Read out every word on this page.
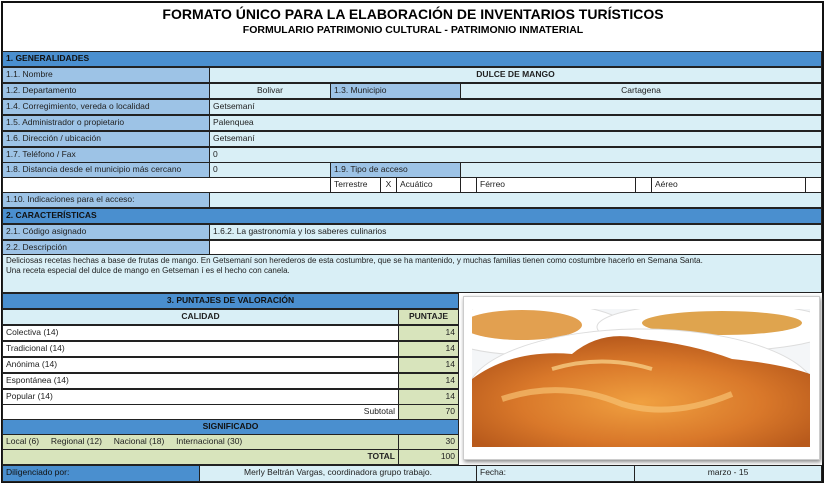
FORMATO ÚNICO PARA LA ELABORACIÓN DE INVENTARIOS TURÍSTICOS
FORMULARIO PATRIMONIO CULTURAL - PATRIMONIO INMATERIAL
1. GENERALIDADES
1.1. Nombre	DULCE DE MANGO
1.2. Departamento	Bolivar	1.3. Municipio	Cartagena
1.4. Corregimiento, vereda o localidad	Getsemaní
1.5. Administrador o propietario	Palenquea
1.6. Dirección / ubicación	Getsemaní
1.7. Teléfono / Fax	0
1.8. Distancia desde el municipio más cercano	0	1.9. Tipo de acceso
Terrestre	X	Acuático	Férreo	Aéreo
1.10. Indicaciones para el acceso:
2. CARACTERÍSTICAS
2.1. Código asignado	1.6.2. La gastronomía y los saberes culinarios
2.2. Descripción
Deliciosas recetas hechas a base de frutas de mango. En Getsemaní son herederos de esta costumbre, que se ha mantenido, y muchas familias tienen como costumbre hacerlo en Semana Santa.
Una receta especial del dulce de mango en Getseman í es el hecho con canela.
3. PUNTAJES DE VALORACIÓN
CALIDAD	PUNTAJE
Colectiva (14)	14
Tradicional (14)	14
Anónima (14)	14
Espontánea (14)	14
Popular (14)	14
Subtotal	70
SIGNIFICADO
Local (6) Regional (12) Nacional (18) Internacional (30)	30
TOTAL	100
Diligenciado por:	Merly Beltrán Vargas, coordinadora grupo trabajo.	Fecha:	marzo - 15
